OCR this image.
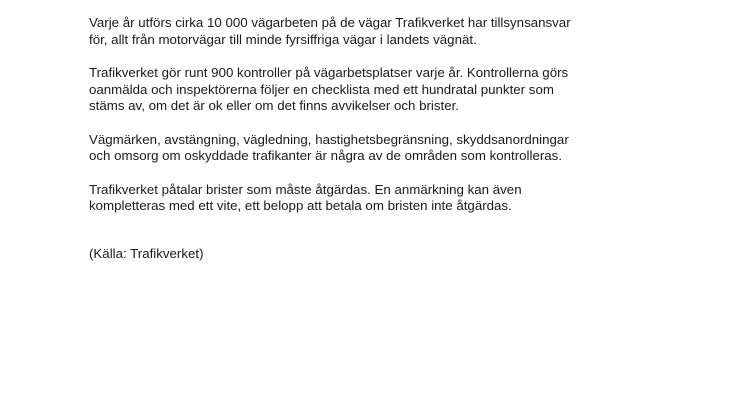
Varje år utförs cirka 10 000 vägarbeten på de vägar Trafikverket har tillsynsansvar
för, allt från motorvägar till minde fyrsiffriga vägar i landets vägnät.

Trafikverket gör runt 900 kontroller på vägarbetsplatser varje år. Kontrollerna görs
oanmälda och inspektörerna följer en checklista med ett hundratal punkter som
stäms av, om det är ok eller om det finns avvikelser och brister.

Vägmärken, avstängning, vägledning, hastighetsbegränsning, skyddsanordningar
och omsorg om oskyddade trafikanter är några av de områden som kontrolleras.

Trafikverket påtalar brister som måste åtgärdas. En anmärkning kan även
kompletteras med ett vite, ett belopp att betala om bristen inte åtgärdas.

(Källa: Trafikverket)
